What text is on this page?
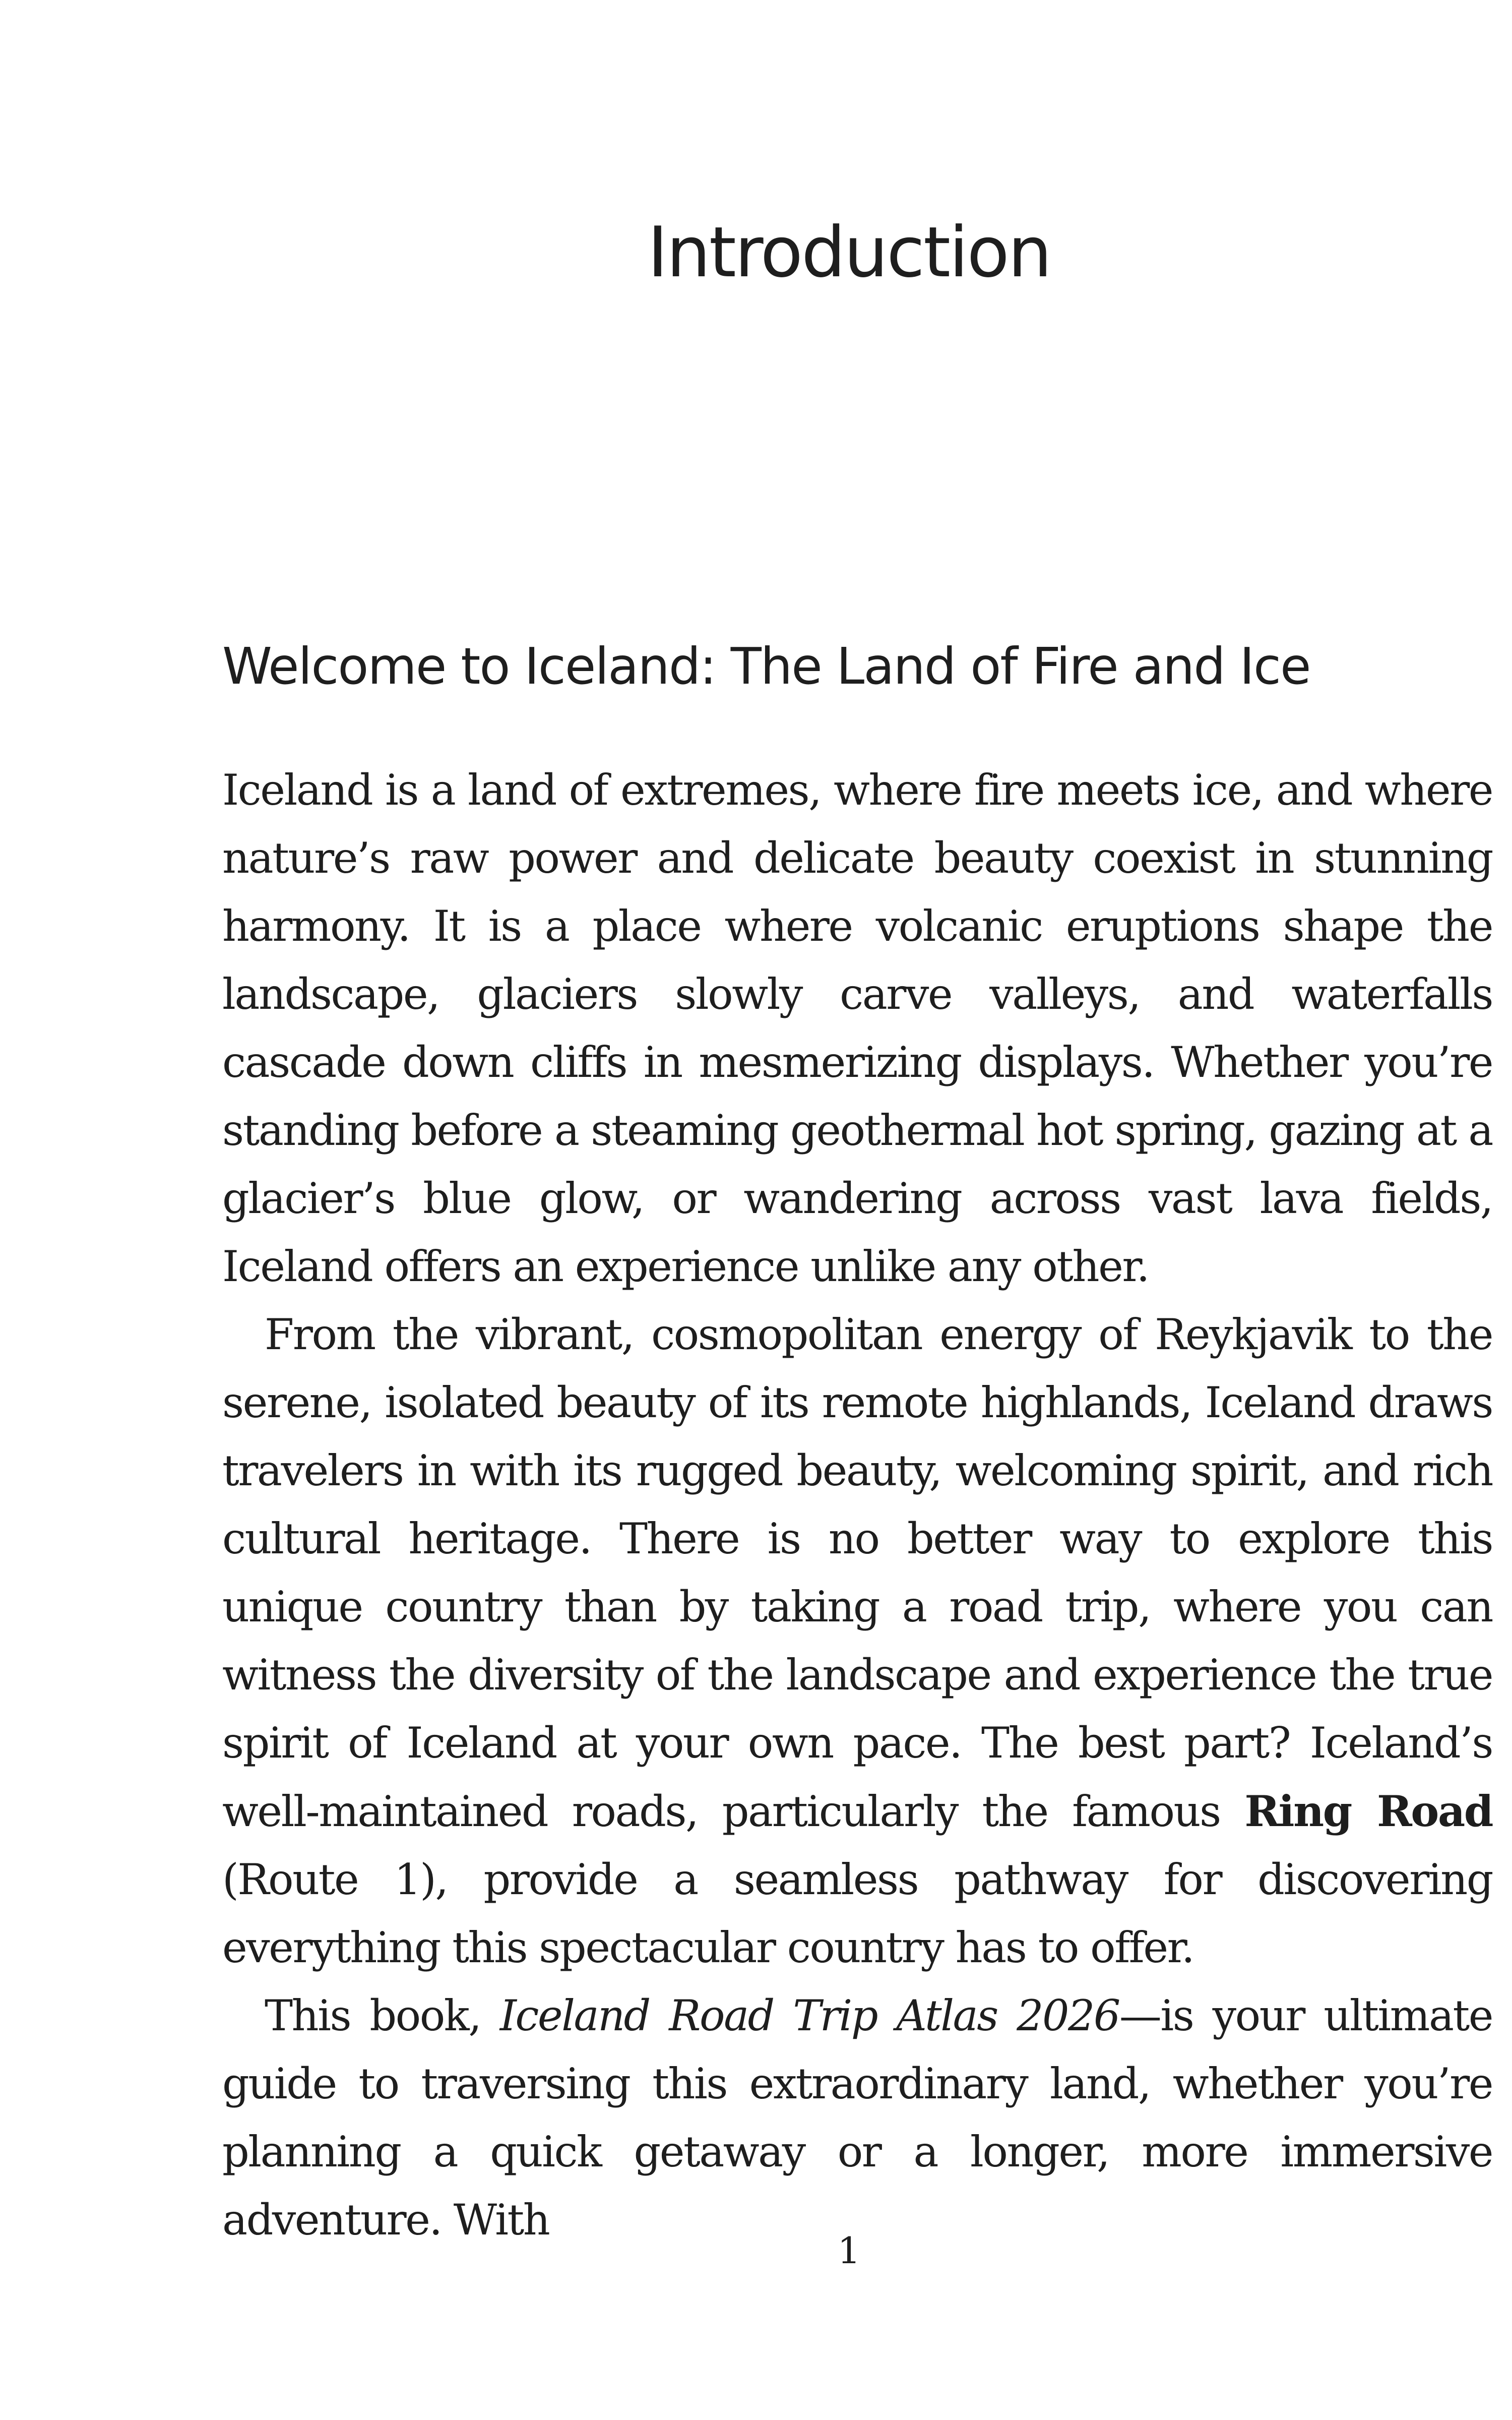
Introduction
Welcome to Iceland: The Land of Fire and Ice

Iceland is a land of extremes, where fire meets ice, and where nature’s raw power and delicate beauty coexist in stunning harmony. It is a place where volcanic eruptions shape the landscape, glaciers slowly carve valleys, and waterfalls cascade down cliffs in mesmerizing displays. Whether you’re standing before a steaming geothermal hot spring, gazing at a glacier’s blue glow, or wandering across vast lava fields, Iceland offers an experience unlike any other.

From the vibrant, cosmopolitan energy of Reykjavik to the serene, isolated beauty of its remote highlands, Iceland draws travelers in with its rugged beauty, welcoming spirit, and rich cultural heritage. There is no better way to explore this unique country than by taking a road trip, where you can witness the diversity of the landscape and experience the true spirit of Iceland at your own pace. The best part? Iceland’s well-maintained roads, particularly the famous Ring Road (Route 1), provide a seamless pathway for discovering everything this spectacular country has to offer.

This book, Iceland Road Trip Atlas 2026—is your ultimate guide to traversing this extraordinary land, whether you’re planning a quick getaway or a longer, more immersive adventure. With

1
